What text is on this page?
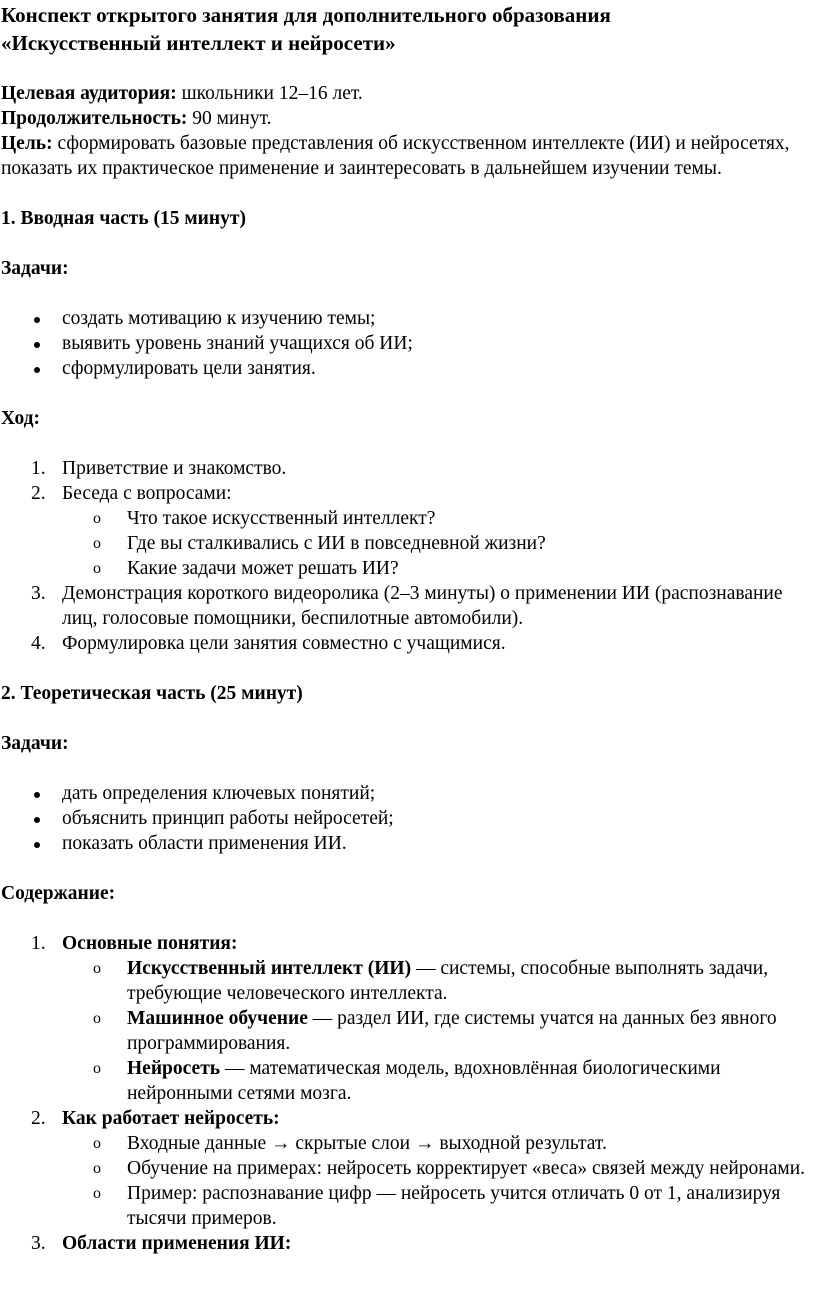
Конспект открытого занятия для дополнительного образования
«Искусственный интеллект и нейросети»

Целевая аудитория: школьники 12–16 лет.

Продолжительность: 90 минут.

Цель: сформировать базовые представления об искусственном интеллекте (ИИ) и нейросетях, показать их практическое применение и заинтересовать в дальнейшем изучении темы.

1. Вводная часть (15 минут)

Задачи:

создать мотивацию к изучению темы;
выявить уровень знаний учащихся об ИИ;
сформулировать цели занятия.

Ход:

1. Приветствие и знакомство.
2. Беседа с вопросами:
o Что такое искусственный интеллект?
o Где вы сталкивались с ИИ в повседневной жизни?
o Какие задачи может решать ИИ?
3. Демонстрация короткого видеоролика (2–3 минуты) о применении ИИ (распознавание лиц, голосовые помощники, беспилотные автомобили).
4. Формулировка цели занятия совместно с учащимися.

2. Теоретическая часть (25 минут)

Задачи:

дать определения ключевых понятий;
объяснить принцип работы нейросетей;
показать области применения ИИ.

Содержание:

1. Основные понятия:
o Искусственный интеллект (ИИ) — системы, способные выполнять задачи, требующие человеческого интеллекта.
o Машинное обучение — раздел ИИ, где системы учатся на данных без явного программирования.
o Нейросеть — математическая модель, вдохновлённая биологическими нейронными сетями мозга.
2. Как работает нейросеть:
o Входные данные → скрытые слои → выходной результат.
o Обучение на примерах: нейросеть корректирует «веса» связей между нейронами.
o Пример: распознавание цифр — нейросеть учится отличать 0 от 1, анализируя тысячи примеров.
3. Области применения ИИ:
